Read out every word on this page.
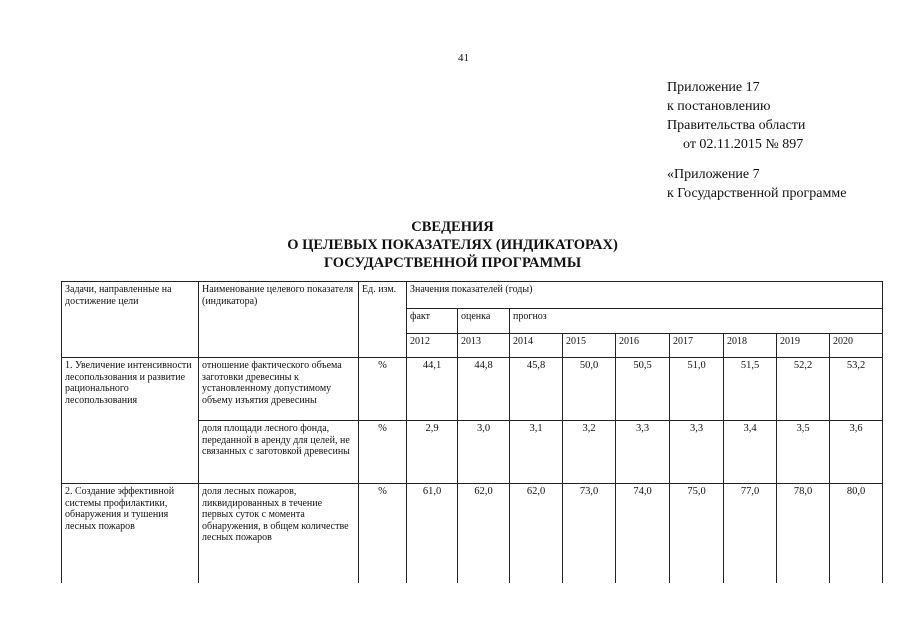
41
Приложение 17
к постановлению
Правительства области
от 02.11.2015 № 897
«Приложение 7
к Государственной программе
СВЕДЕНИЯ
О ЦЕЛЕВЫХ ПОКАЗАТЕЛЯХ (ИНДИКАТОРАХ)
ГОСУДАРСТВЕННОЙ ПРОГРАММЫ
Задачи, направленные на достижение цели	Наименование целевого показателя (индикатора)	Ед. изм.	Значения показателей (годы)								
			факт	оценка	прогноз						
			2012	2013	2014	2015	2016	2017	2018	2019	2020
1. Увеличение интенсивности лесопользования и развитие рационального лесопользования	отношение фактического объема заготовки древесины к установленному допустимому объему изъятия древесины	%	44,1	44,8	45,8	50,0	50,5	51,0	51,5	52,2	53,2
	доля площади лесного фонда, переданной в аренду для целей, не связанных с заготовкой древесины	%	2,9	3,0	3,1	3,2	3,3	3,3	3,4	3,5	3,6
2. Создание эффективной системы профилактики, обнаружения и тушения лесных пожаров	доля лесных пожаров, ликвидированных в течение первых суток с момента обнаружения, в общем количестве лесных пожаров	%	61,0	62,0	62,0	73,0	74,0	75,0	77,0	78,0	80,0
